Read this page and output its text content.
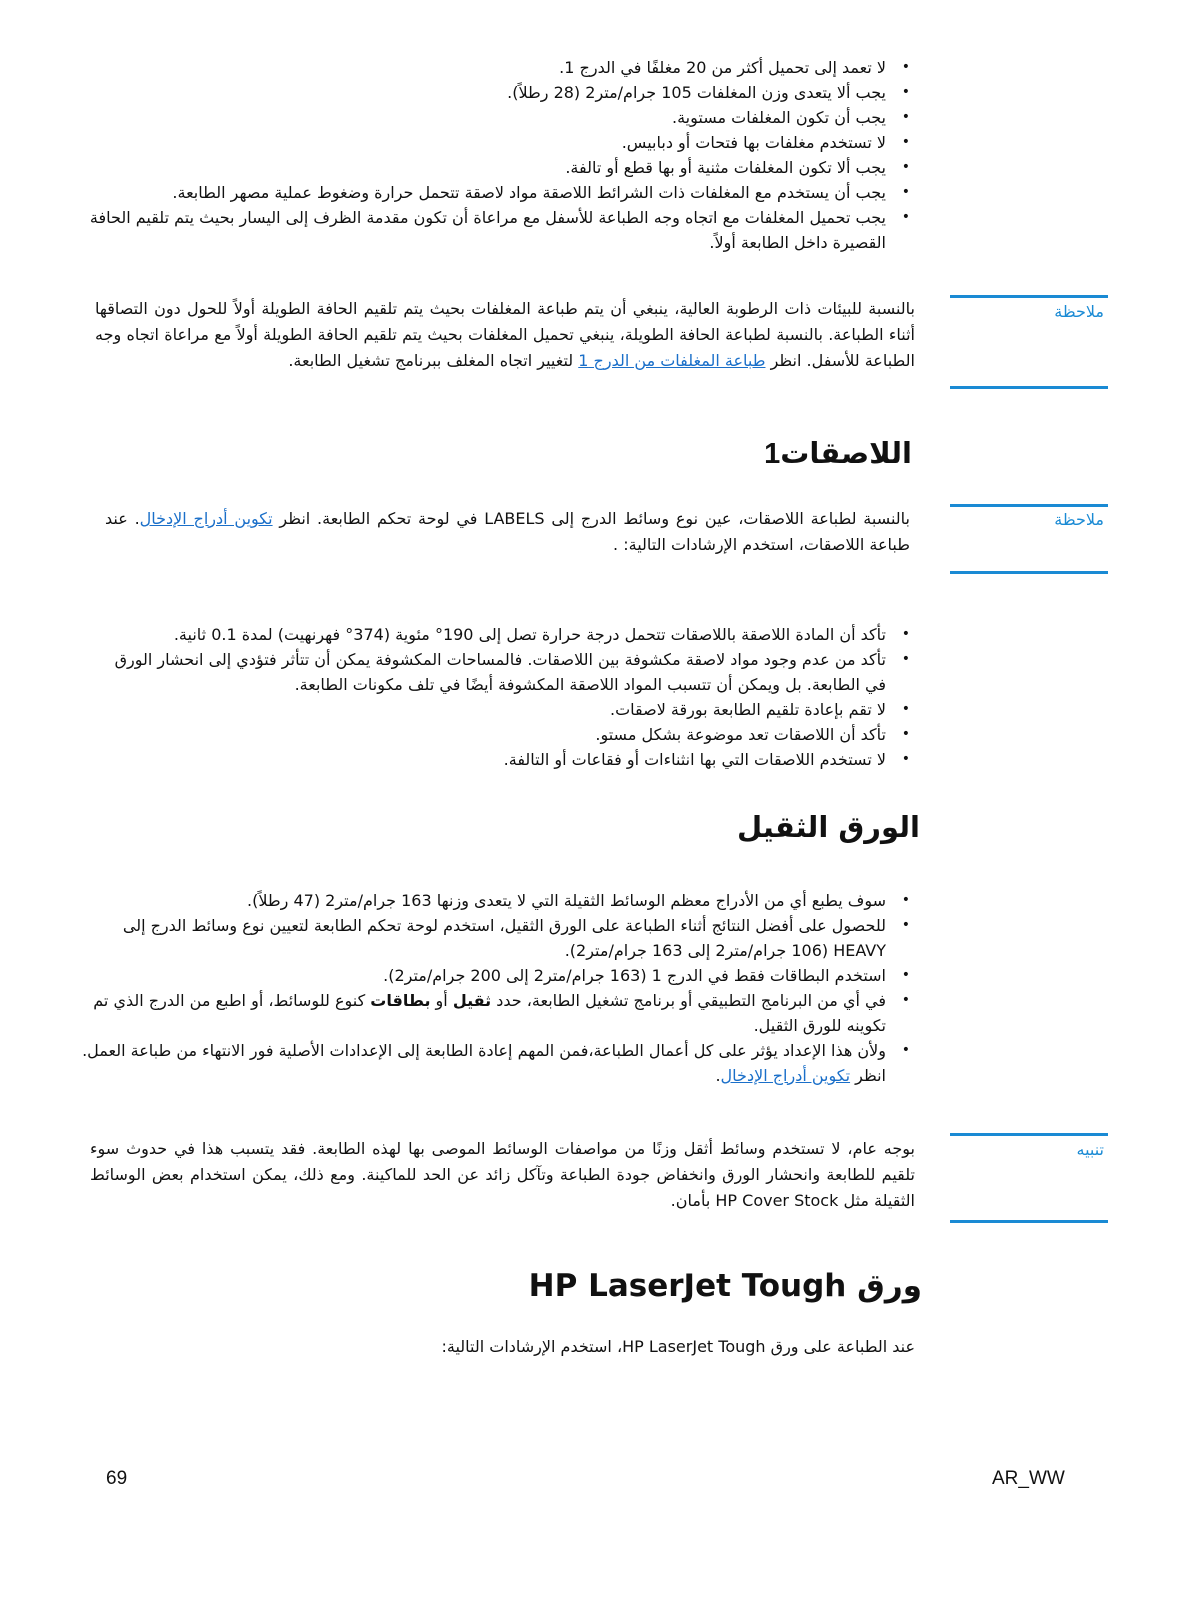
• لا تعمد إلى تحميل أكثر من 20 مغلفًا في الدرج 1.
• يجب ألا يتعدى وزن المغلفات 105 جرام/متر2 (28 رطلاً).
• يجب أن تكون المغلفات مستوية.
• لا تستخدم مغلفات بها فتحات أو دبابيس.
• يجب ألا تكون المغلفات مثنية أو بها قطع أو تالفة.
• يجب أن يستخدم مع المغلفات ذات الشرائط اللاصقة مواد لاصقة تتحمل حرارة وضغوط عملية مصهر الطابعة.
• يجب تحميل المغلفات مع اتجاه وجه الطباعة للأسفل مع مراعاة أن تكون مقدمة الظرف إلى اليسار بحيث يتم تلقيم الحافة القصيرة داخل الطابعة أولاً.
ملاحظة
بالنسبة للبيئات ذات الرطوبة العالية، ينبغي أن يتم طباعة المغلفات بحيث يتم تلقيم الحافة الطويلة أولاً للحول دون التصاقها أثناء الطباعة. بالنسبة لطباعة الحافة الطويلة، ينبغي تحميل المغلفات بحيث يتم تلقيم الحافة الطويلة أولاً مع مراعاة اتجاه وجه الطباعة للأسفل. انظر طباعة المغلفات من الدرج 1 لتغيير اتجاه المغلف ببرنامج تشغيل الطابعة.
اللاصقات1
ملاحظة
بالنسبة لطباعة اللاصقات، عين نوع وسائط الدرج إلى LABELS في لوحة تحكم الطابعة. انظر تكوين أدراج الإدخال. عند طباعة اللاصقات، استخدم الإرشادات التالية: .
• تأكد أن المادة اللاصقة باللاصقات تتحمل درجة حرارة تصل إلى 190° مئوية (374° فهرنهيت) لمدة 0.1 ثانية.
• تأكد من عدم وجود مواد لاصقة مكشوفة بين اللاصقات. فالمساحات المكشوفة يمكن أن تتأثر فتؤدي إلى انحشار الورق في الطابعة. بل ويمكن أن تتسبب المواد اللاصقة المكشوفة أيضًا في تلف مكونات الطابعة.
• لا تقم بإعادة تلقيم الطابعة بورقة لاصقات.
• تأكد أن اللاصقات تعد موضوعة بشكل مستو.
• لا تستخدم اللاصقات التي بها انثناءات أو فقاعات أو التالفة.
الورق الثقيل
• سوف يطبع أي من الأدراج معظم الوسائط الثقيلة التي لا يتعدى وزنها 163 جرام/متر2 (47 رطلاً).
• للحصول على أفضل النتائج أثناء الطباعة على الورق الثقيل، استخدم لوحة تحكم الطابعة لتعيين نوع وسائط الدرج إلى HEAVY (106 جرام/متر2 إلى 163 جرام/متر2).
• استخدم البطاقات فقط في الدرج 1 (163 جرام/متر2 إلى 200 جرام/متر2).
• في أي من البرنامج التطبيقي أو برنامج تشغيل الطابعة، حدد ثقيل أو بطاقات كنوع للوسائط، أو اطبع من الدرج الذي تم تكوينه للورق الثقيل.
• ولأن هذا الإعداد يؤثر على كل أعمال الطباعة،فمن المهم إعادة الطابعة إلى الإعدادات الأصلية فور الانتهاء من طباعة العمل. انظر تكوين أدراج الإدخال.
تنبيه
بوجه عام، لا تستخدم وسائط أثقل وزنًا من مواصفات الوسائط الموصى بها لهذه الطابعة. فقد يتسبب هذا في حدوث سوء تلقيم للطابعة وانحشار الورق وانخفاض جودة الطباعة وتآكل زائد عن الحد للماكينة. ومع ذلك، يمكن استخدام بعض الوسائط الثقيلة مثل HP Cover Stock بأمان.
ورق HP LaserJet Tough
عند الطباعة على ورق HP LaserJet Tough، استخدم الإرشادات التالية:
69	AR_WW
